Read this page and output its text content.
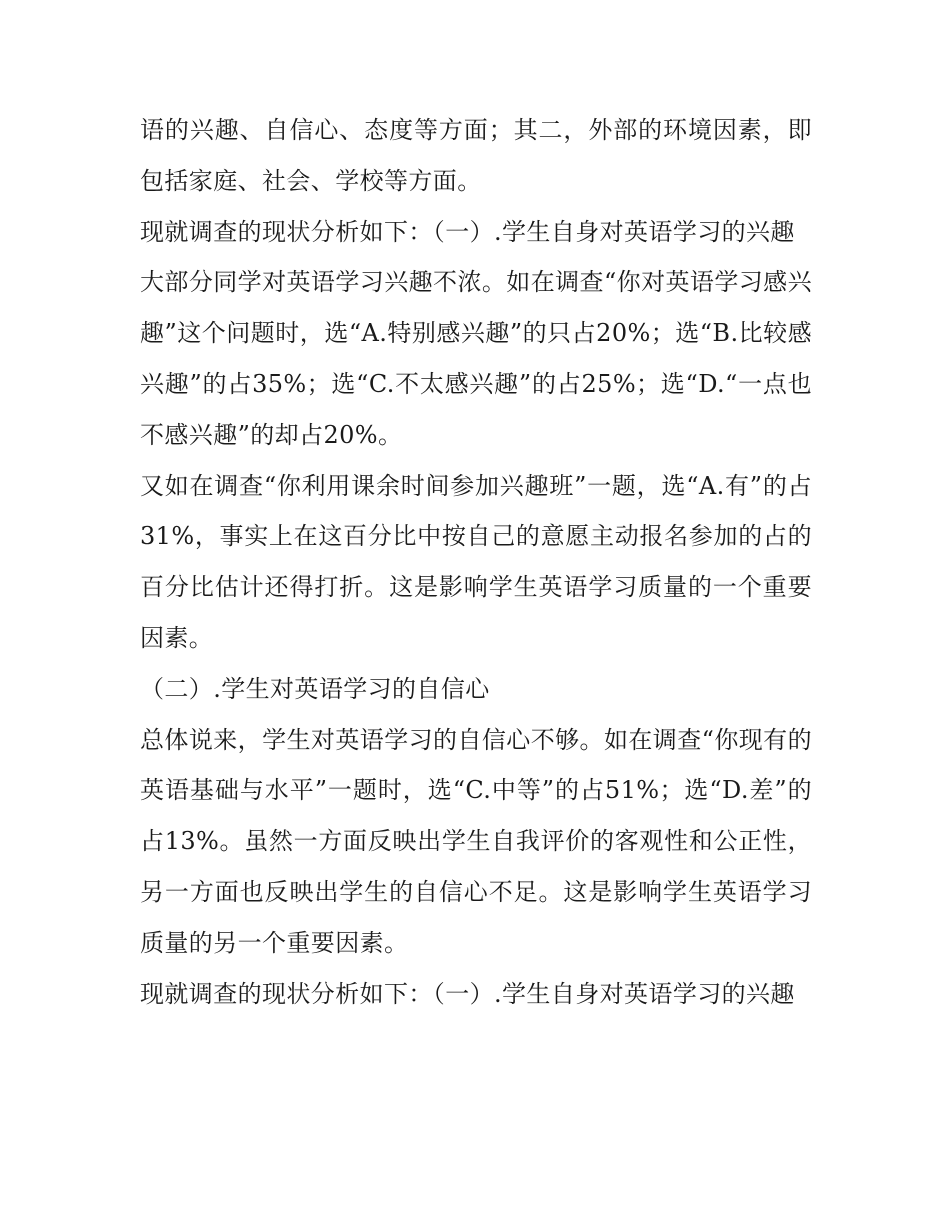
语的兴趣、自信心、态度等方面；其二，外部的环境因素，即包括家庭、社会、学校等方面。

现就调查的现状分析如下：（一）.学生自身对英语学习的兴趣

大部分同学对英语学习兴趣不浓。如在调查“你对英语学习感兴趣”这个问题时，选“A.特别感兴趣”的只占20%；选“B.比较感兴趣”的占35%；选“C.不太感兴趣”的占25%；选“D.“一点也不感兴趣”的却占20%。

又如在调查“你利用课余时间参加兴趣班”一题，选“A.有”的占31%，事实上在这百分比中按自己的意愿主动报名参加的占的百分比估计还得打折。这是影响学生英语学习质量的一个重要因素。

（二）.学生对英语学习的自信心

总体说来，学生对英语学习的自信心不够。如在调查“你现有的英语基础与水平”一题时，选“C.中等”的占51%；选“D.差”的占13%。虽然一方面反映出学生自我评价的客观性和公正性，另一方面也反映出学生的自信心不足。这是影响学生英语学习质量的另一个重要因素。

现就调查的现状分析如下：（一）.学生自身对英语学习的兴趣
